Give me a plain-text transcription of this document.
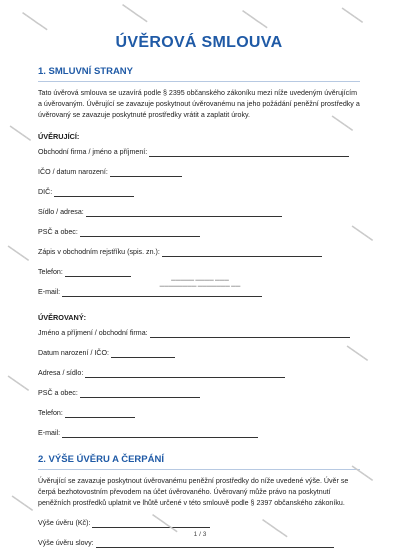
▬▬▬▬▬▬	▬▬▬▬▬▬	▬▬▬▬▬▬	▬▬▬▬▬
▬▬▬▬▬
▬▬▬▬▬
▬▬▬▬▬
▬▬▬▬▬
▬▬▬▬▬
▬▬▬▬▬
▬▬▬▬▬
▬▬▬▬▬
▬▬▬▬▬▬	▬▬▬▬▬▬
▬▬▬▬▬ ▬▬▬▬ ▬▬▬
▬▬▬▬▬▬▬▬ ▬▬▬▬▬▬▬ ▬▬
ÚVĚROVÁ SMLOUVA
1. SMLUVNÍ STRANY

Tato úvěrová smlouva se uzavírá podle § 2395 občanského zákoníku mezi níže uvedeným úvěrujícím a úvěrovaným. Úvěrující se zavazuje poskytnout úvěrovanému na jeho požádání peněžní prostředky a úvěrovaný se zavazuje poskytnuté prostředky vrátit a zaplatit úroky.

ÚVĚRUJÍCÍ:
Obchodní firma / jméno a příjmení:
IČO / datum narození:
DIČ:
Sídlo / adresa:
PSČ a obec:
Zápis v obchodním rejstříku (spis. zn.):
Telefon:
E-mail:
ÚVĚROVANÝ:
Jméno a příjmení / obchodní firma:
Datum narození / IČO:
Adresa / sídlo:
PSČ a obec:
Telefon:
E-mail:
2. VÝŠE ÚVĚRU A ČERPÁNÍ

Úvěrující se zavazuje poskytnout úvěrovanému peněžní prostředky do níže uvedené výše. Úvěr se čerpá bezhotovostním převodem na účet úvěrovaného. Úvěrovaný může právo na poskytnutí peněžních prostředků uplatnit ve lhůtě určené v této smlouvě podle § 2397 občanského zákoníku.

Výše úvěru (Kč):
Výše úvěru slovy:
1 / 3
